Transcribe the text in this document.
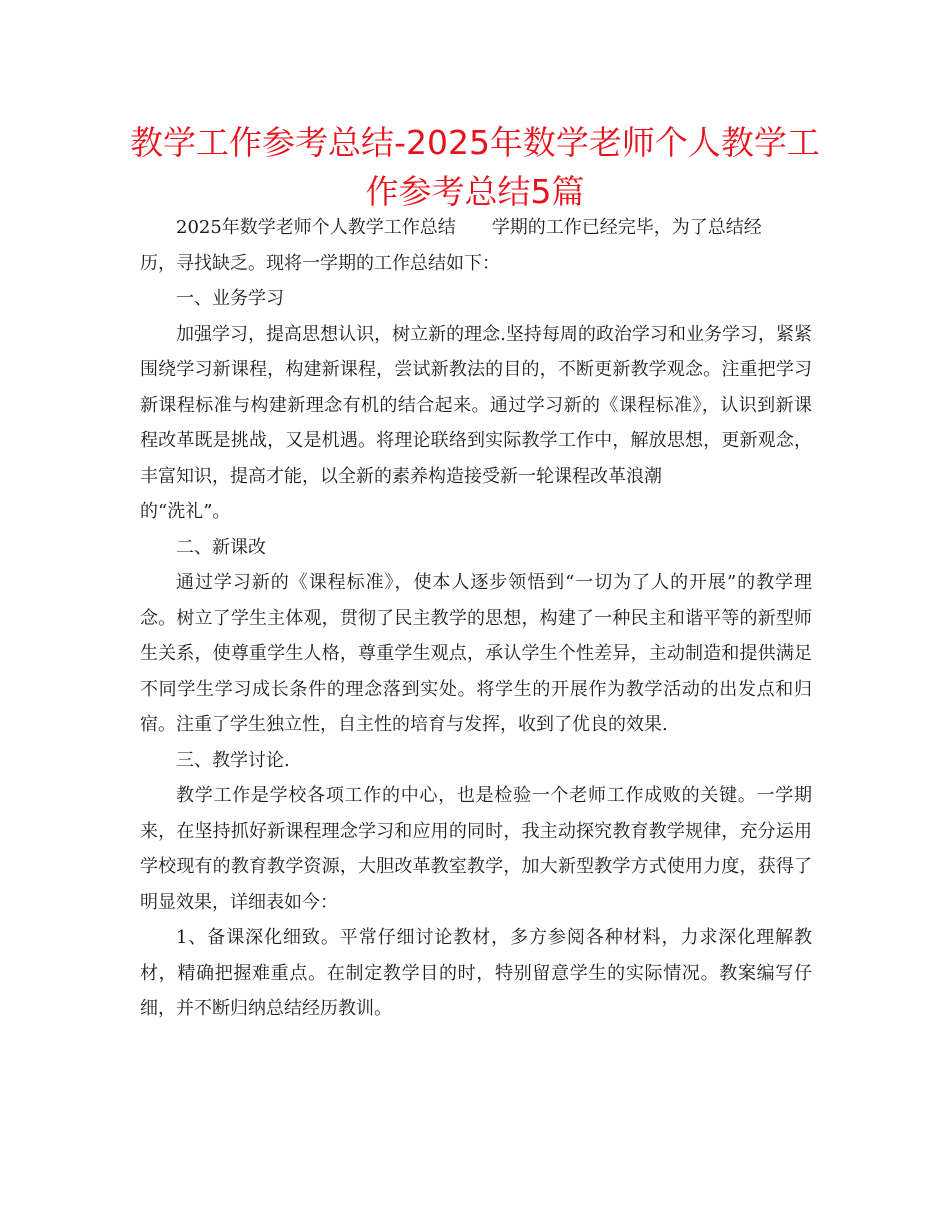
教学工作参考总结-2025年数学老师个人教学工作参考总结5篇

2025年数学老师个人教学工作总结　　学期的工作已经完毕，为了总结经

历，寻找缺乏。现将一学期的工作总结如下：

一、业务学习

加强学习，提高思想认识，树立新的理念.坚持每周的政治学习和业务学习，紧紧围绕学习新课程，构建新课程，尝试新教法的目的，不断更新教学观念。注重把学习新课程标准与构建新理念有机的结合起来。通过学习新的《课程标准》，认识到新课程改革既是挑战，又是机遇。将理论联络到实际教学工作中，解放思想，更新观念，丰富知识，提高才能，以全新的素养构造接受新一轮课程改革浪潮

的“洗礼”。

二、新课改

通过学习新的《课程标准》，使本人逐步领悟到“一切为了人的开展”的教学理念。树立了学生主体观，贯彻了民主教学的思想，构建了一种民主和谐平等的新型师生关系，使尊重学生人格，尊重学生观点，承认学生个性差异，主动制造和提供满足不同学生学习成长条件的理念落到实处。将学生的开展作为教学活动的出发点和归宿。注重了学生独立性，自主性的培育与发挥，收到了优良的效果.

三、教学讨论.

教学工作是学校各项工作的中心，也是检验一个老师工作成败的关键。一学期来，在坚持抓好新课程理念学习和应用的同时，我主动探究教育教学规律，充分运用学校现有的教育教学资源，大胆改革教室教学，加大新型教学方式使用力度，获得了明显效果，详细表如今：

1、备课深化细致。平常仔细讨论教材，多方参阅各种材料，力求深化理解教材，精确把握难重点。在制定教学目的时，特别留意学生的实际情况。教案编写仔细，并不断归纳总结经历教训。
